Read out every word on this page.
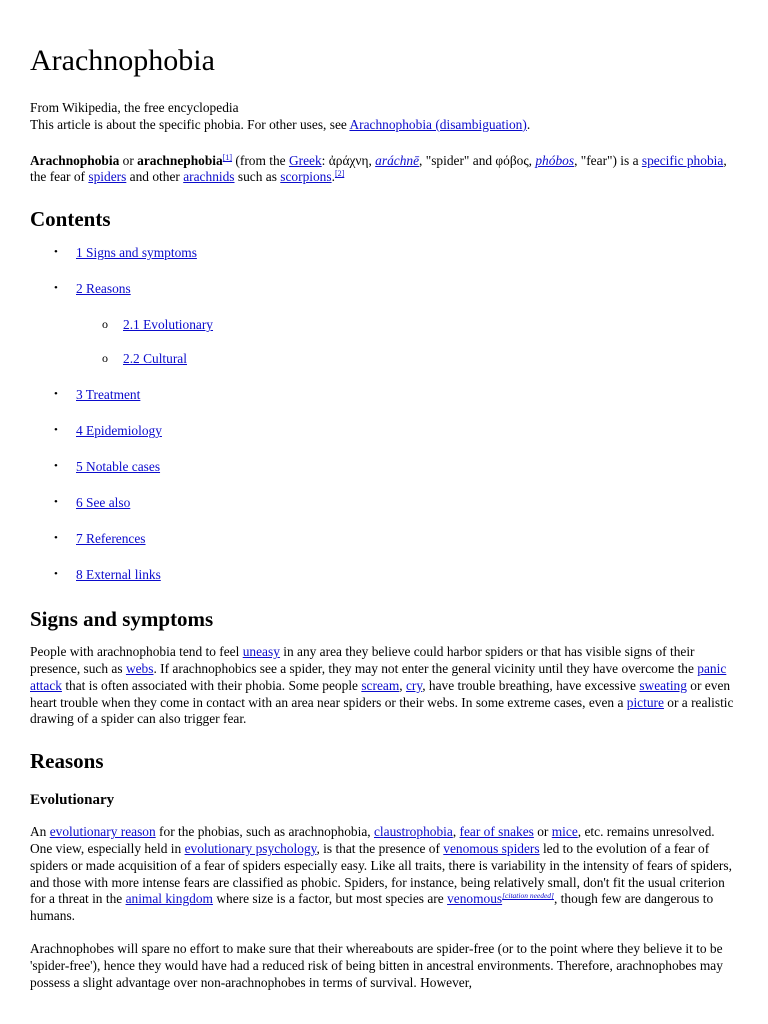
Arachnophobia
From Wikipedia, the free encyclopedia
This article is about the specific phobia. For other uses, see Arachnophobia (disambiguation).

Arachnophobia or arachnephobia[1] (from the Greek: ἀράχνη, aráchnē, "spider" and φόβος, phóbos, "fear") is a specific phobia, the fear of spiders and other arachnids such as scorpions.[2]

Contents
• 1 Signs and symptoms
• 2 Reasons
o 2.1 Evolutionary
o 2.2 Cultural
• 3 Treatment
• 4 Epidemiology
• 5 Notable cases
• 6 See also
• 7 References
• 8 External links
Signs and symptoms

People with arachnophobia tend to feel uneasy in any area they believe could harbor spiders or that has visible signs of their presence, such as webs. If arachnophobics see a spider, they may not enter the general vicinity until they have overcome the panic attack that is often associated with their phobia. Some people scream, cry, have trouble breathing, have excessive sweating or even heart trouble when they come in contact with an area near spiders or their webs. In some extreme cases, even a picture or a realistic drawing of a spider can also trigger fear.

Reasons
Evolutionary

An evolutionary reason for the phobias, such as arachnophobia, claustrophobia, fear of snakes or mice, etc. remains unresolved. One view, especially held in evolutionary psychology, is that the presence of venomous spiders led to the evolution of a fear of spiders or made acquisition of a fear of spiders especially easy. Like all traits, there is variability in the intensity of fears of spiders, and those with more intense fears are classified as phobic. Spiders, for instance, being relatively small, don't fit the usual criterion for a threat in the animal kingdom where size is a factor, but most species are venomous[citation needed], though few are dangerous to humans.

Arachnophobes will spare no effort to make sure that their whereabouts are spider-free (or to the point where they believe it to be 'spider-free'), hence they would have had a reduced risk of being bitten in ancestral environments. Therefore, arachnophobes may possess a slight advantage over non-arachnophobes in terms of survival. However,
